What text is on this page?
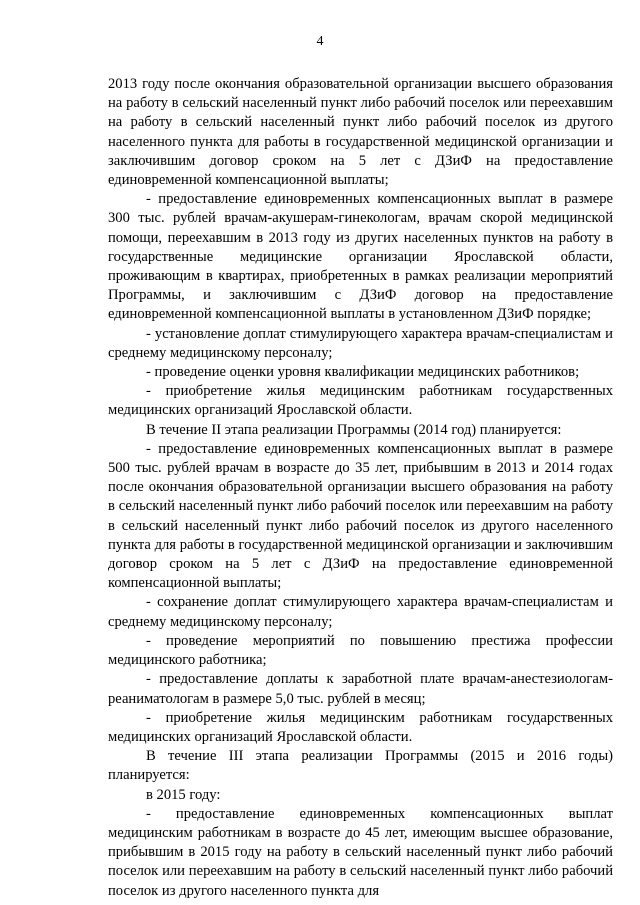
4

2013 году после окончания образовательной организации высшего образования на работу в сельский населенный пункт либо рабочий поселок или переехавшим на работу в сельский населенный пункт либо рабочий поселок из другого населенного пункта для работы в государственной медицинской организации и заключившим договор сроком на 5 лет с ДЗиФ на предоставление единовременной компенсационной выплаты;

- предоставление единовременных компенсационных выплат в размере 300 тыс. рублей врачам-акушерам-гинекологам, врачам скорой медицинской помощи, переехавшим в 2013 году из других населенных пунктов на работу в государственные медицинские организации Ярославской области, проживающим в квартирах, приобретенных в рамках реализации мероприятий Программы, и заключившим с ДЗиФ договор на предоставление единовременной компенсационной выплаты в установленном ДЗиФ порядке;

- установление доплат стимулирующего характера врачам-специалистам и среднему медицинскому персоналу;

- проведение оценки уровня квалификации медицинских работников;

- приобретение жилья медицинским работникам государственных медицинских организаций Ярославской области.

В течение II этапа реализации Программы (2014 год) планируется:

- предоставление единовременных компенсационных выплат в размере 500 тыс. рублей врачам в возрасте до 35 лет, прибывшим в 2013 и 2014 годах после окончания образовательной организации высшего образования на работу в сельский населенный пункт либо рабочий поселок или переехавшим на работу в сельский населенный пункт либо рабочий поселок из другого населенного пункта для работы в государственной медицинской организации и заключившим договор сроком на 5 лет с ДЗиФ на предоставление единовременной компенсационной выплаты;

- сохранение доплат стимулирующего характера врачам-специалистам и среднему медицинскому персоналу;

- проведение мероприятий по повышению престижа профессии медицинского работника;

- предоставление доплаты к заработной плате врачам-анестезиологам-реаниматологам в размере 5,0 тыс. рублей в месяц;

- приобретение жилья медицинским работникам государственных медицинских организаций Ярославской области.

В течение III этапа реализации Программы (2015 и 2016 годы) планируется:

в 2015 году:

- предоставление единовременных компенсационных выплат медицинским работникам в возрасте до 45 лет, имеющим высшее образование, прибывшим в 2015 году на работу в сельский населенный пункт либо рабочий поселок или переехавшим на работу в сельский населенный пункт либо рабочий поселок из другого населенного пункта для
